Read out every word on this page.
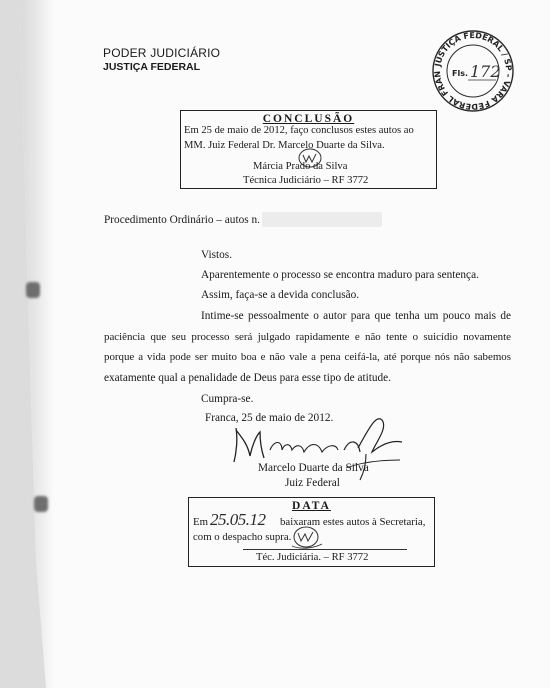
PODER JUDICIÁRIO
JUSTIÇA FEDERAL	JUSTIÇA FEDERAL / SP - VARA FEDERAL FRAN	Fls. 172
CONCLUSÃO
Em 25 de maio de 2012, faço conclusos estes autos ao
MM. Juiz Federal Dr. Marcelo Duarte da Silva.
Márcia Prado da Silva
Técnica Judiciário – RF 3772
Procedimento Ordinário – autos n.
Vistos.
Aparentemente o processo se encontra maduro para sentença.
Assim, faça-se a devida conclusão.
Intime-se pessoalmente o autor para que tenha um pouco mais de
paciência que seu processo será julgado rapidamente e não tente o suicídio novamente
porque a vida pode ser muito boa e não vale a pena ceifá-la, até porque nós não sabemos
exatamente qual a penalidade de Deus para esse tipo de atitude.
Cumpra-se.
Franca, 25 de maio de 2012.
Marcelo Duarte da Silva
Juiz Federal
DATA
Em 25.05.12 baixaram estes autos à Secretaria,
com o despacho supra.
Téc. Judiciária. – RF 3772
